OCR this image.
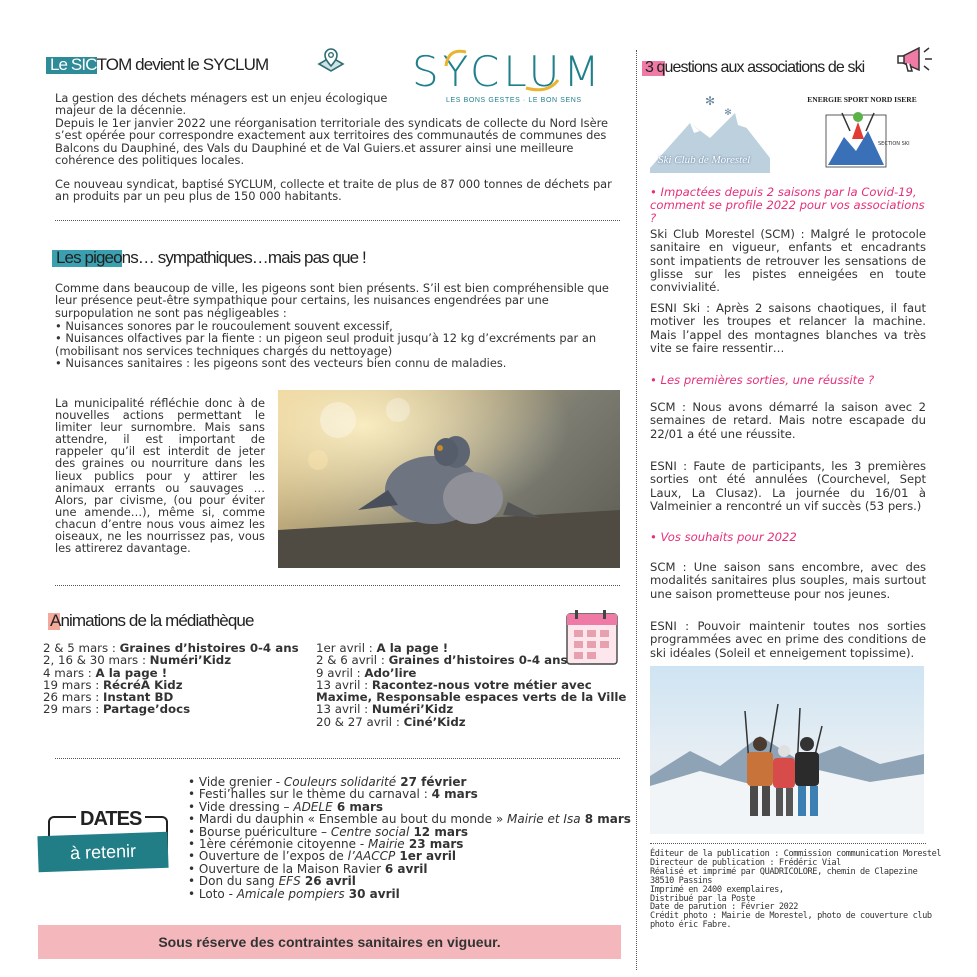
Le SICTOM devient le SYCLUM	SYCLUM
LES BONS GESTES · LE BON SENS
La gestion des déchets ménagers est un enjeu écologique majeur de la décennie.
Depuis le 1er janvier 2022 une réorganisation territoriale des syndicats de collecte du Nord Isère s’est opérée pour correspondre exactement aux territoires des communautés de communes des Balcons du Dauphiné, des Vals du Dauphiné et de Val Guiers.et assurer ainsi une meilleure cohérence des politiques locales.
Ce nouveau syndicat, baptisé SYCLUM, collecte et traite de plus de 87 000 tonnes de déchets par an produits par un peu plus de 150 000 habitants.
Les pigeons… sympathiques…mais pas que !
Comme dans beaucoup de ville, les pigeons sont bien présents. S’il est bien compréhensible que leur présence peut-être sympathique pour certains, les nuisances engendrées par une surpopulation ne sont pas négligeables :
• Nuisances sonores par le roucoulement souvent excessif,
• Nuisances olfactives par la fiente : un pigeon seul produit jusqu’à 12 kg d’excréments par an (mobilisant nos services techniques chargés du nettoyage)
• Nuisances sanitaires : les pigeons sont des vecteurs bien connu de maladies.
La municipalité réfléchie donc à de nouvelles actions permettant le limiter leur surnombre. Mais sans attendre, il est important de rappeler qu’il est interdit de jeter des graines ou nourriture dans les lieux publics pour y attirer les animaux errants ou sauvages … Alors, par civisme, (ou pour éviter une amende…), même si, comme chacun d’entre nous vous aimez les oiseaux, ne les nourrissez pas, vous les attirerez davantage.
Animations de la médiathèque
2 & 5 mars : Graines d’histoires 0-4 ans
2, 16 & 30 mars : Numéri’Kidz
4 mars : A la page !
19 mars : RécréA Kidz
26 mars : Instant BD
29 mars : Partage’docs
1er avril : A la page !
2 & 6 avril : Graines d’histoires 0-4 ans
9 avril : Ado’lire
13 avril : Racontez-nous votre métier avec
Maxime, Responsable espaces verts de la Ville
13 avril : Numéri’Kidz
20 & 27 avril : Ciné’Kidz
DATES
à retenir
• Vide grenier - Couleurs solidarité 27 février
• Festi’halles sur le thème du carnaval : 4 mars
• Vide dressing – ADELE 6 mars
• Mardi du dauphin « Ensemble au bout du monde » Mairie et Isa 8 mars
• Bourse puériculture – Centre social 12 mars
• 1ère cérémonie citoyenne - Mairie 23 mars
• Ouverture de l’expos de l’AACCP 1er avril
• Ouverture de la Maison Ravier 6 avril
• Don du sang EFS 26 avril
• Loto - Amicale pompiers 30 avril
Sous réserve des contraintes sanitaires en vigueur.
3 questions aux associations de ski
✻
✻
Ski Club de Morestel
ENERGIE SPORT NORD ISERE
SECTION SKI
• Impactées depuis 2 saisons par la Covid-19, comment se profile 2022 pour vos associations ?
Ski Club Morestel (SCM) : Malgré le protocole sanitaire en vigueur, enfants et encadrants sont impatients de retrouver les sensations de glisse sur les pistes enneigées en toute convivialité.
ESNI Ski : Après 2 saisons chaotiques, il faut motiver les troupes et relancer la machine. Mais l’appel des montagnes blanches va très vite se faire ressentir…
• Les premières sorties, une réussite ?
SCM : Nous avons démarré la saison avec 2 semaines de retard. Mais notre escapade du 22/01 a été une réussite.
ESNI : Faute de participants, les 3 premières sorties ont été annulées (Courchevel, Sept Laux, La Clusaz). La journée du 16/01 à Valmeinier a rencontré un vif succès (53 pers.)
• Vos souhaits pour 2022
SCM : Une saison sans encombre, avec des modalités sanitaires plus souples, mais surtout une saison prometteuse pour nos jeunes.
ESNI : Pouvoir maintenir toutes nos sorties programmées avec en prime des conditions de ski idéales (Soleil et enneigement topissime).
Éditeur de la publication : Commission communication Morestel
Directeur de publication : Frédéric Vial
Réalisé et imprimé par QUADRICOLORE, chemin de Clapezine
38510 Passins
Imprimé en 2400 exemplaires,
Distribué par la Poste
Date de parution : Février 2022
Crédit photo : Mairie de Morestel, photo de couverture club
photo éric Fabre.
